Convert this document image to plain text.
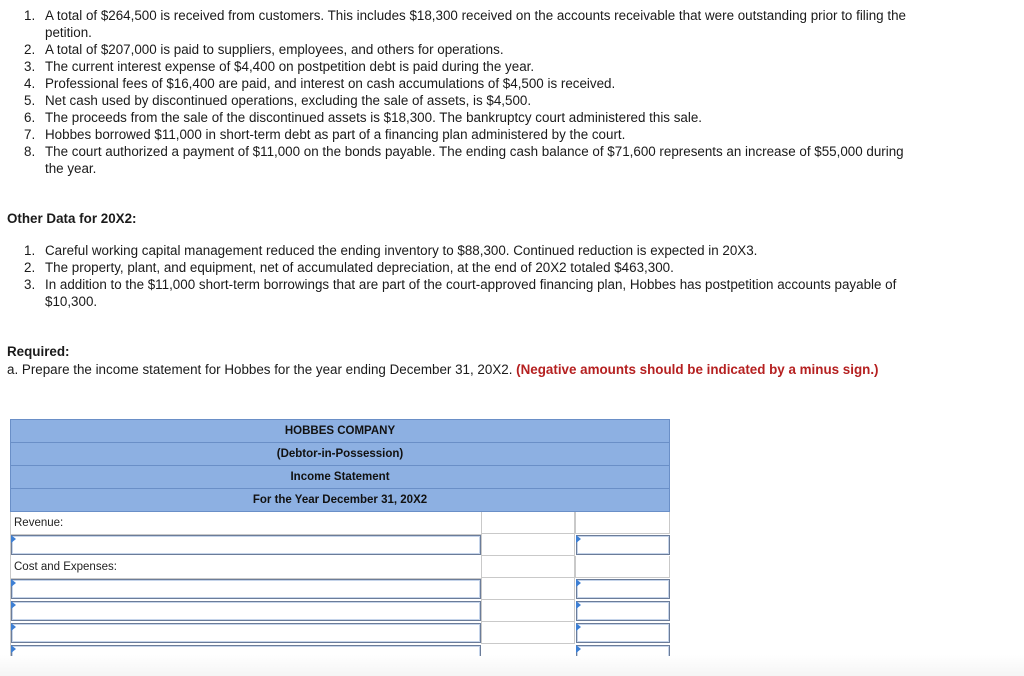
1. A total of $264,500 is received from customers. This includes $18,300 received on the accounts receivable that were outstanding prior to filing the petition.
2. A total of $207,000 is paid to suppliers, employees, and others for operations.
3. The current interest expense of $4,400 on postpetition debt is paid during the year.
4. Professional fees of $16,400 are paid, and interest on cash accumulations of $4,500 is received.
5. Net cash used by discontinued operations, excluding the sale of assets, is $4,500.
6. The proceeds from the sale of the discontinued assets is $18,300. The bankruptcy court administered this sale.
7. Hobbes borrowed $11,000 in short-term debt as part of a financing plan administered by the court.
8. The court authorized a payment of $11,000 on the bonds payable. The ending cash balance of $71,600 represents an increase of $55,000 during the year.
Other Data for 20X2:
1. Careful working capital management reduced the ending inventory to $88,300. Continued reduction is expected in 20X3.
2. The property, plant, and equipment, net of accumulated depreciation, at the end of 20X2 totaled $463,300.
3. In addition to the $11,000 short-term borrowings that are part of the court-approved financing plan, Hobbes has postpetition accounts payable of $10,300.
Required:
a. Prepare the income statement for Hobbes for the year ending December 31, 20X2. (Negative amounts should be indicated by a minus sign.)
HOBBES COMPANY
(Debtor-in-Possession)
Income Statement
For the Year December 31, 20X2
Revenue:
Cost and Expenses:
